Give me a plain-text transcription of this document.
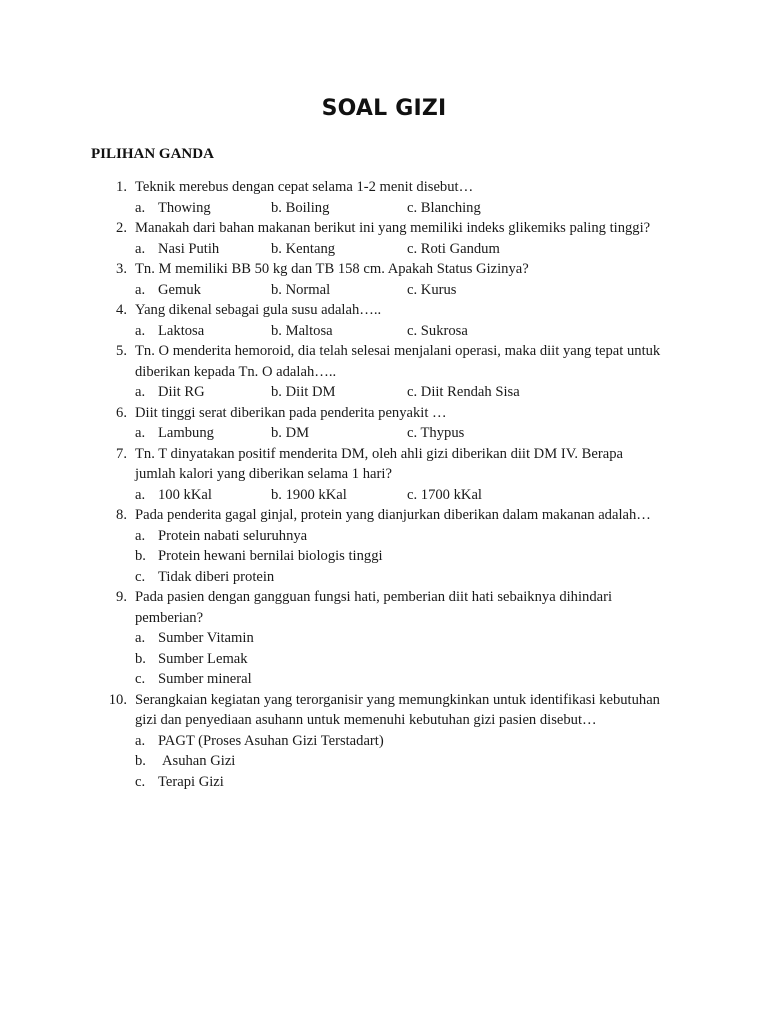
SOAL GIZI
PILIHAN GANDA
1. Teknik merebus dengan cepat selama 1-2 menit disebut…
a. Thowing	b. Boiling	c. Blanching
2. Manakah dari bahan makanan berikut ini yang memiliki indeks glikemiks paling tinggi?
a. Nasi Putih	b. Kentang	c. Roti Gandum
3. Tn. M memiliki BB 50 kg dan TB 158 cm. Apakah Status Gizinya?
a. Gemuk	b. Normal	c. Kurus
4. Yang dikenal sebagai gula susu adalah…..
a. Laktosa	b. Maltosa	c. Sukrosa
5. Tn. O menderita hemoroid, dia telah selesai menjalani operasi, maka diit yang tepat untuk
diberikan kepada Tn. O adalah…..
a. Diit RG	b. Diit DM	c. Diit Rendah Sisa
6. Diit tinggi serat diberikan pada penderita penyakit …
a. Lambung	b. DM	c. Thypus
7. Tn. T dinyatakan positif menderita DM, oleh ahli gizi diberikan diit DM IV. Berapa
jumlah kalori yang diberikan selama 1 hari?
a. 100 kKal	b. 1900 kKal	c. 1700 kKal
8. Pada penderita gagal ginjal, protein yang dianjurkan diberikan dalam makanan adalah…
a. Protein nabati seluruhnya
b. Protein hewani bernilai biologis tinggi
c. Tidak diberi protein
9. Pada pasien dengan gangguan fungsi hati, pemberian diit hati sebaiknya dihindari
pemberian?
a. Sumber Vitamin
b. Sumber Lemak
c. Sumber mineral
10. Serangkaian kegiatan yang terorganisir yang memungkinkan untuk identifikasi kebutuhan
gizi dan penyediaan asuhann untuk memenuhi kebutuhan gizi pasien disebut…
a. PAGT (Proses Asuhan Gizi Terstadart)
b. Asuhan Gizi
c. Terapi Gizi
